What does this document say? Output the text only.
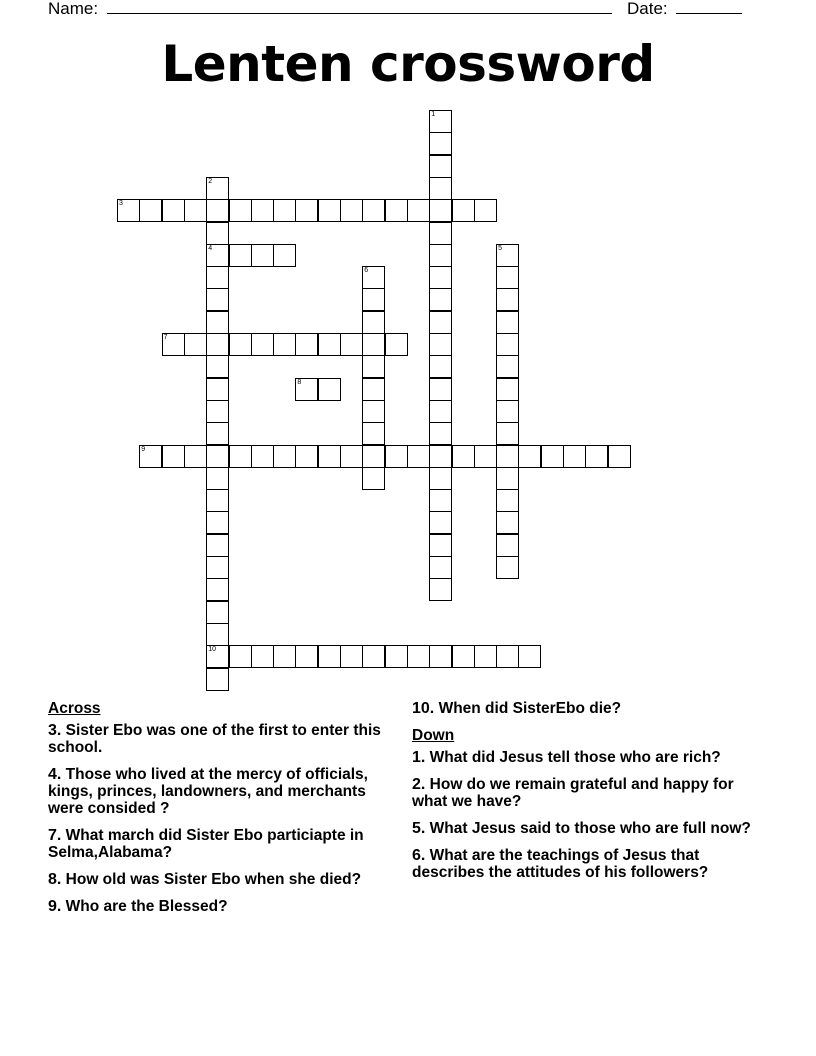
Name:	Date:
Lenten crossword
1
2
4
10
3
5
6
7
8
9
Across
3. Sister Ebo was one of the first to enter this school.
4. Those who lived at the mercy of officials, kings, princes, landowners, and merchants were consided ?
7. What march did Sister Ebo particiapte in Selma,Alabama?
8. How old was Sister Ebo when she died?
9. Who are the Blessed?
10. When did SisterEbo die?
Down
1. What did Jesus tell those who are rich?
2. How do we remain grateful and happy for what we have?
5. What Jesus said to those who are full now?
6. What are the teachings of Jesus that describes the attitudes of his followers?
